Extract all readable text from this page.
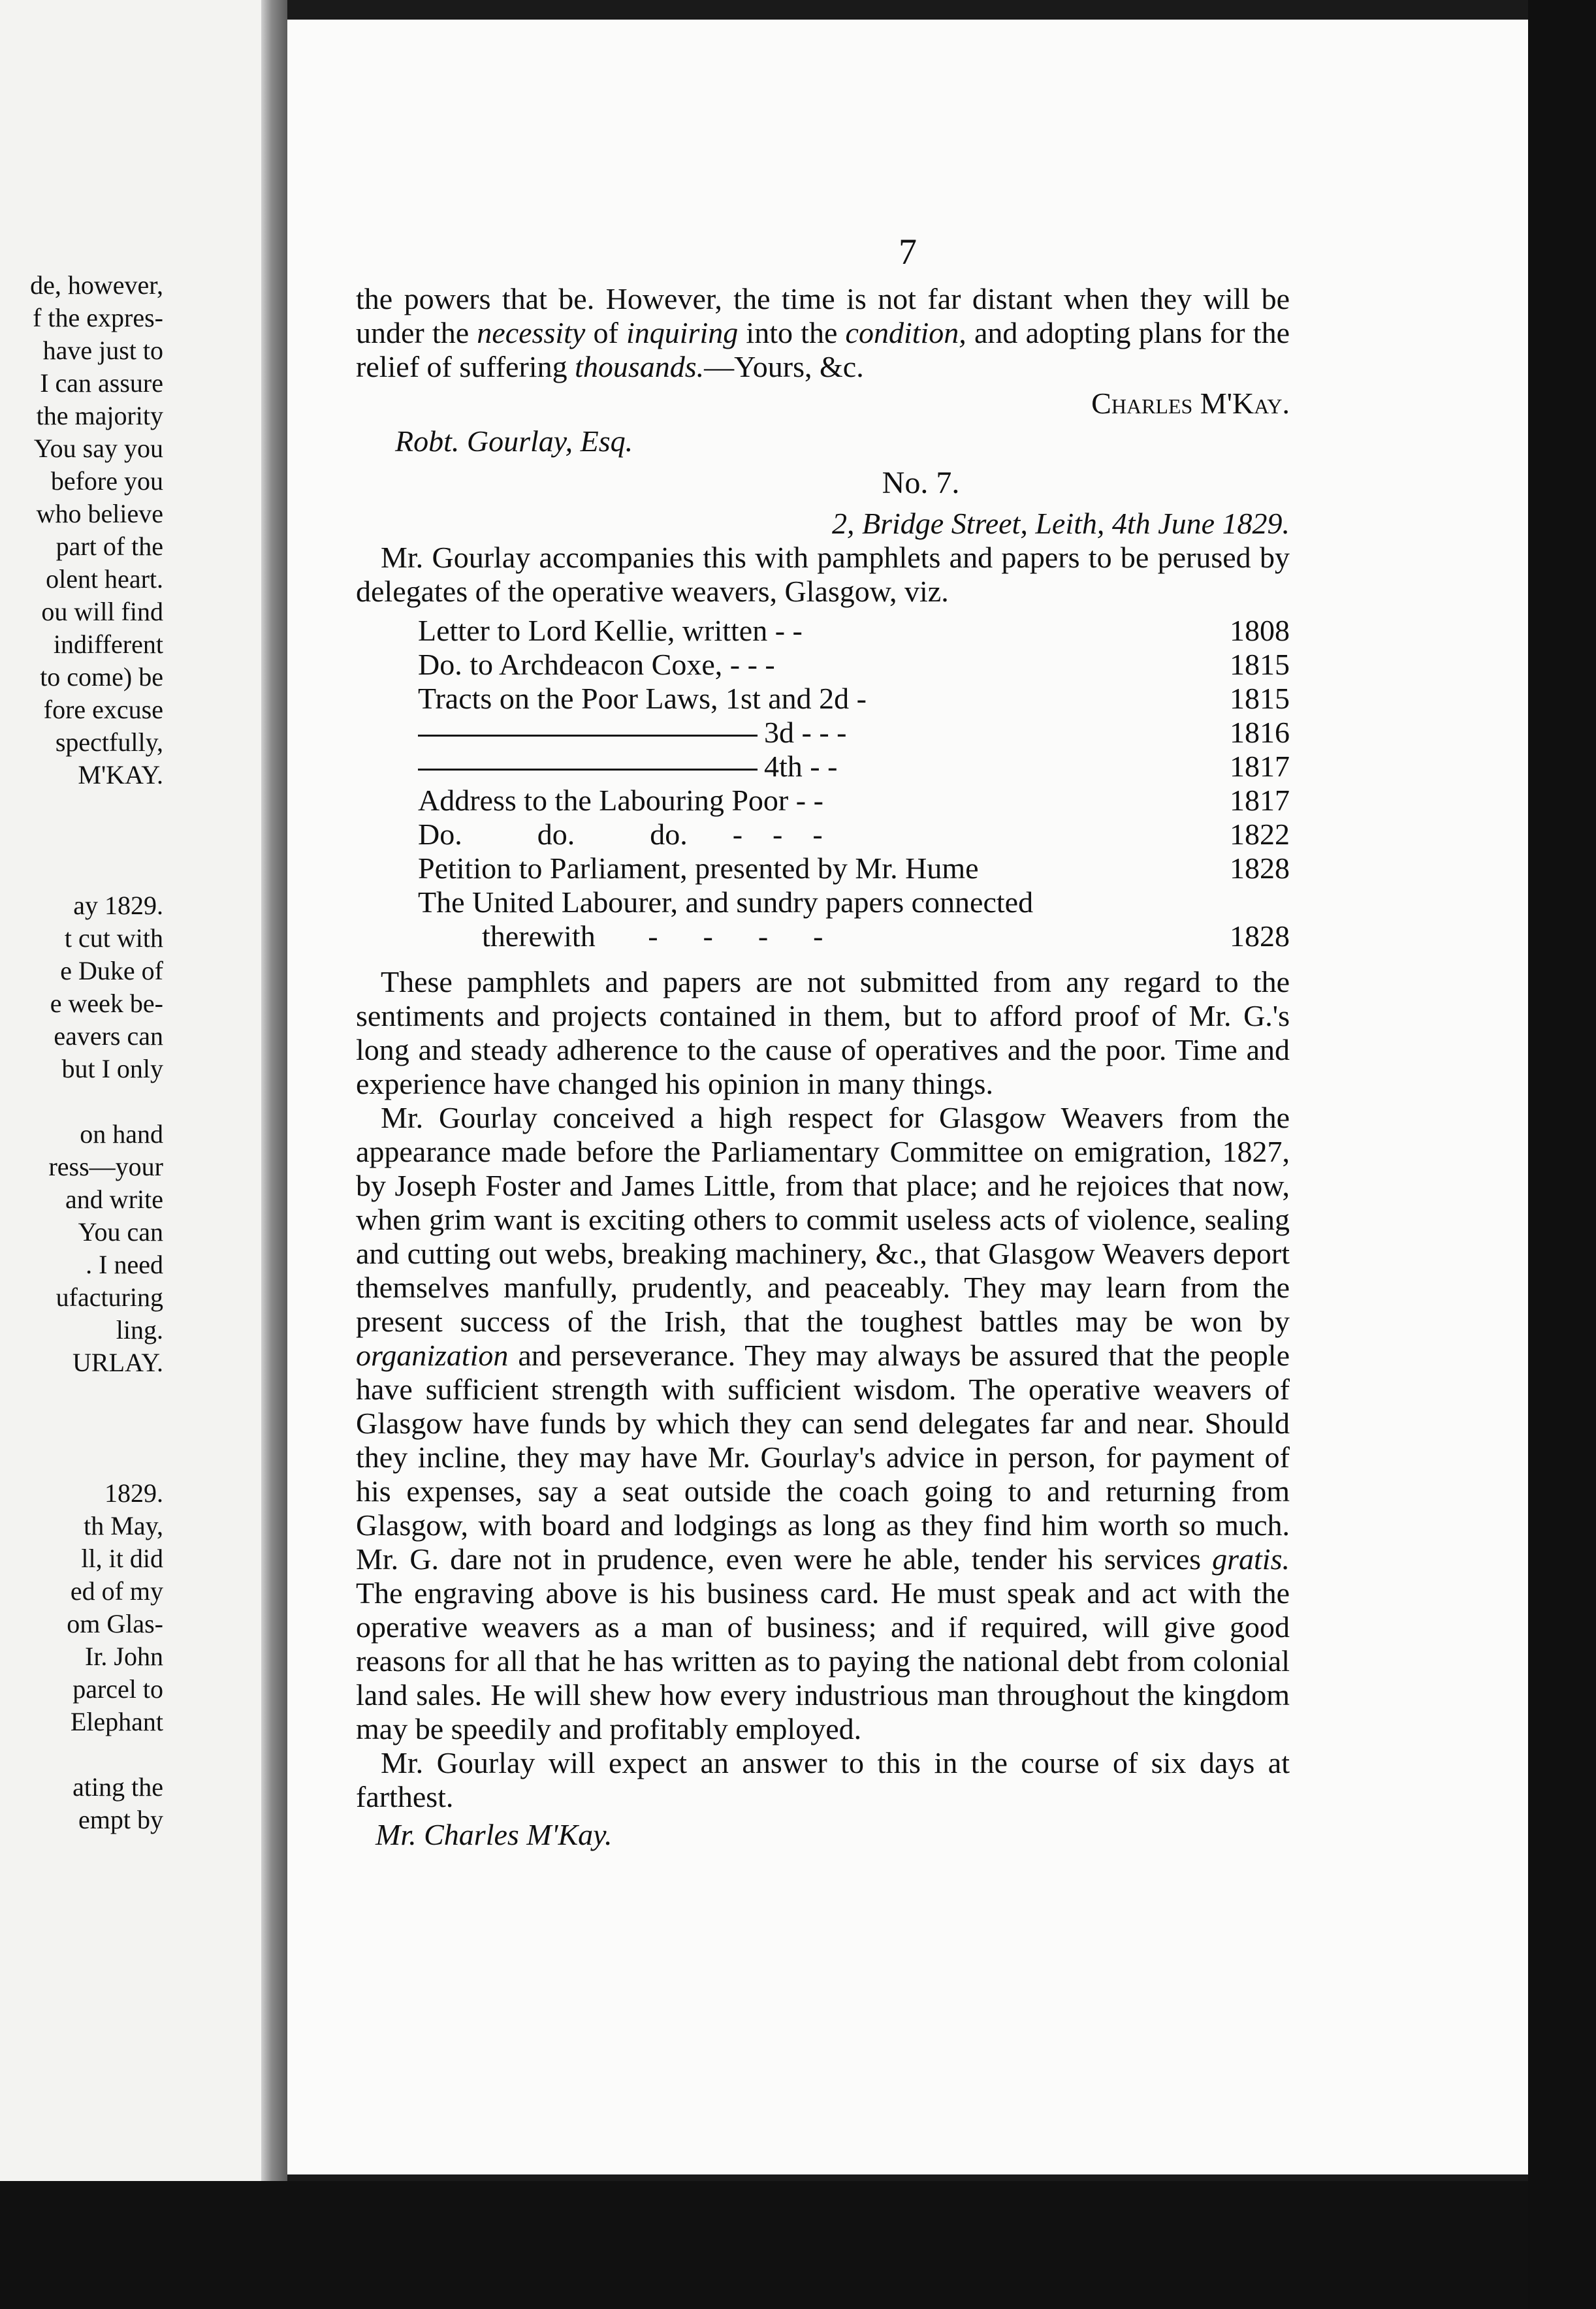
de, however,
f the expres-
have just to
I can assure
the majority
You say you
before you
who believe
part of the
olent heart.
ou will find
indifferent
to come) be
fore excuse
spectfully,
M'KAY.
ay 1829.
t cut with
e Duke of
e week be-
eavers can
but I only
on hand
ress—your
and write
You can
. I need
ufacturing
ling.
URLAY.
1829.
th May,
ll, it did
ed of my
om Glas-
Ir. John
parcel to
Elephant
ating the
empt by
7

the powers that be. However, the time is not far distant when they will be under the necessity of inquiring into the condition, and adopting plans for the relief of suffering thousands.—Yours, &c.

Charles M'Kay.
Robt. Gourlay, Esq.
No. 7.
2, Bridge Street, Leith, 4th June 1829.

Mr. Gourlay accompanies this with pamphlets and papers to be perused by delegates of the operative weavers, Glasgow, viz.

Letter to Lord Kellie, written - -	1808
Do. to Archdeacon Coxe, - - -	1815
Tracts on the Poor Laws, 1st and 2d -	1815
3d - - -	1816
4th - -	1817
Address to the Labouring Poor - -	1817
Do.          do.          do.      -    -    -	1822
Petition to Parliament, presented by Mr. Hume	1828
The United Labourer, and sundry papers connected
therewith       -      -      -      -	1828

These pamphlets and papers are not submitted from any regard to the sentiments and projects contained in them, but to afford proof of Mr. G.'s long and steady adherence to the cause of operatives and the poor. Time and experience have changed his opinion in many things.

Mr. Gourlay conceived a high respect for Glasgow Weavers from the appearance made before the Parliamentary Committee on emigration, 1827, by Joseph Foster and James Little, from that place; and he rejoices that now, when grim want is exciting others to commit useless acts of violence, sealing and cutting out webs, breaking machinery, &c., that Glasgow Weavers deport themselves manfully, prudently, and peaceably. They may learn from the present success of the Irish, that the toughest battles may be won by organization and perseverance. They may always be assured that the people have sufficient strength with sufficient wisdom. The operative weavers of Glasgow have funds by which they can send delegates far and near. Should they incline, they may have Mr. Gourlay's advice in person, for payment of his expenses, say a seat outside the coach going to and returning from Glasgow, with board and lodgings as long as they find him worth so much. Mr. G. dare not in prudence, even were he able, tender his services gratis. The engraving above is his business card. He must speak and act with the operative weavers as a man of business; and if required, will give good reasons for all that he has written as to paying the national debt from colonial land sales. He will shew how every industrious man throughout the kingdom may be speedily and profitably employed.

Mr. Gourlay will expect an answer to this in the course of six days at farthest.

Mr. Charles M'Kay.
